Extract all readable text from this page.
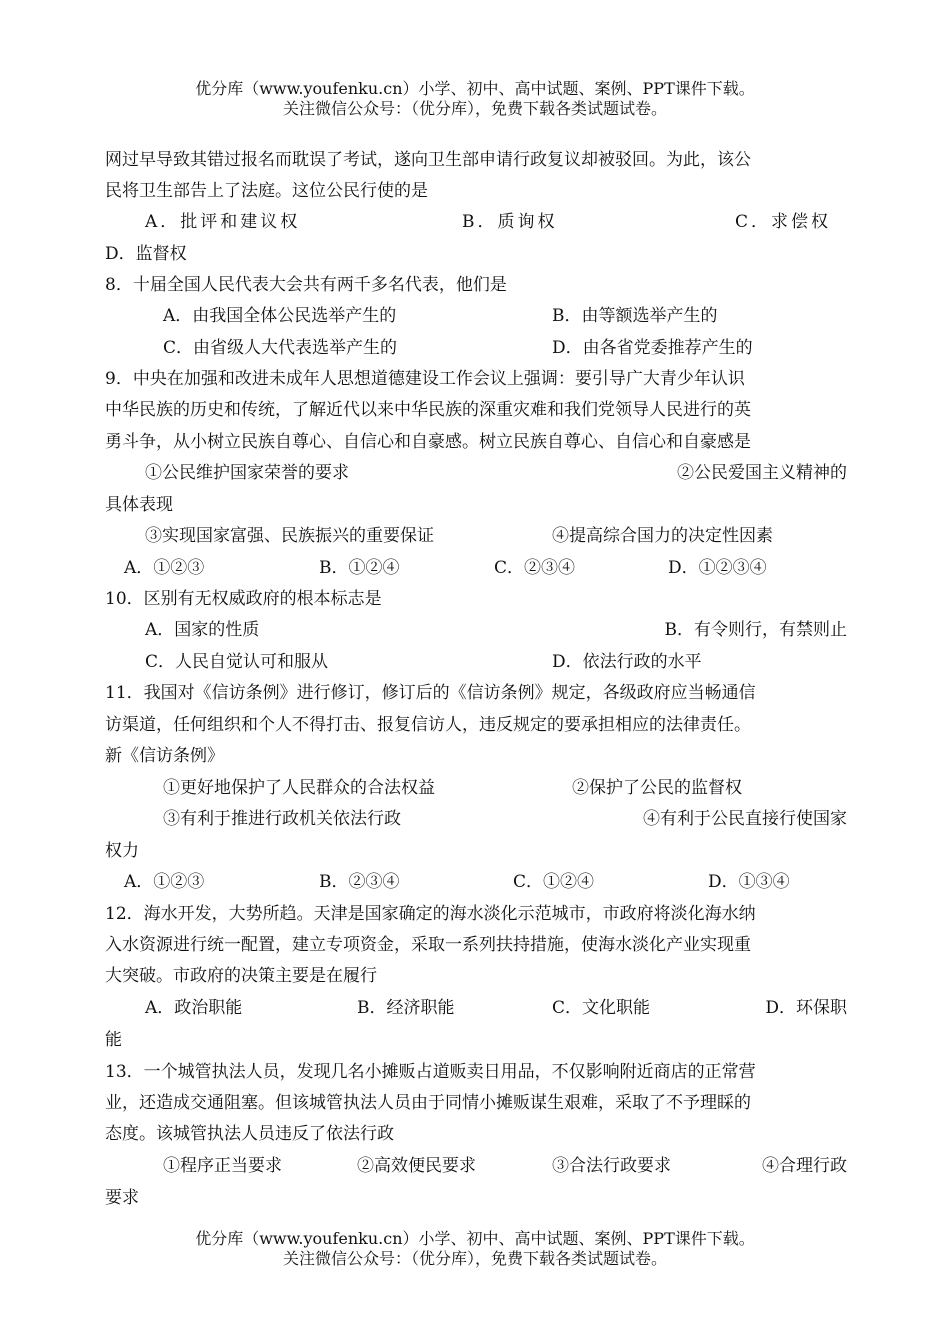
优分库（www.youfenku.cn）小学、初中、高中试题、案例、PPT课件下载。
关注微信公众号：（优分库），免费下载各类试题试卷。
网过早导致其错过报名而耽误了考试，遂向卫生部申请行政复议却被驳回。为此，该公
民将卫生部告上了法庭。这位公民行使的是
A．批评和建议权	B．质询权	C．求偿权
D．监督权
8．十届全国人民代表大会共有两千多名代表，他们是
A．由我国全体公民选举产生的	B．由等额选举产生的
C．由省级人大代表选举产生的	D．由各省党委推荐产生的
9．中央在加强和改进未成年人思想道德建设工作会议上强调：要引导广大青少年认识
中华民族的历史和传统，了解近代以来中华民族的深重灾难和我们党领导人民进行的英
勇斗争，从小树立民族自尊心、自信心和自豪感。树立民族自尊心、自信心和自豪感是
①公民维护国家荣誉的要求	②公民爱国主义精神的
具体表现
③实现国家富强、民族振兴的重要保证	④提高综合国力的决定性因素
A．①②③	B．①②④	C．②③④	D．①②③④
10．区别有无权威政府的根本标志是
A．国家的性质	B．有令则行，有禁则止
C．人民自觉认可和服从	D．依法行政的水平
11．我国对《信访条例》进行修订，修订后的《信访条例》规定，各级政府应当畅通信
访渠道，任何组织和个人不得打击、报复信访人，违反规定的要承担相应的法律责任。
新《信访条例》
①更好地保护了人民群众的合法权益	②保护了公民的监督权
③有利于推进行政机关依法行政	④有利于公民直接行使国家
权力
A．①②③	B．②③④	C．①②④	D．①③④
12．海水开发，大势所趋。天津是国家确定的海水淡化示范城市，市政府将淡化海水纳
入水资源进行统一配置，建立专项资金，采取一系列扶持措施，使海水淡化产业实现重
大突破。市政府的决策主要是在履行
A．政治职能	B．经济职能	C．文化职能	D．环保职
能
13．一个城管执法人员，发现几名小摊贩占道贩卖日用品，不仅影响附近商店的正常营
业，还造成交通阻塞。但该城管执法人员由于同情小摊贩谋生艰难，采取了不予理睬的
态度。该城管执法人员违反了依法行政
①程序正当要求	②高效便民要求	③合法行政要求	④合理行政
要求
优分库（www.youfenku.cn）小学、初中、高中试题、案例、PPT课件下载。
关注微信公众号：（优分库），免费下载各类试题试卷。
